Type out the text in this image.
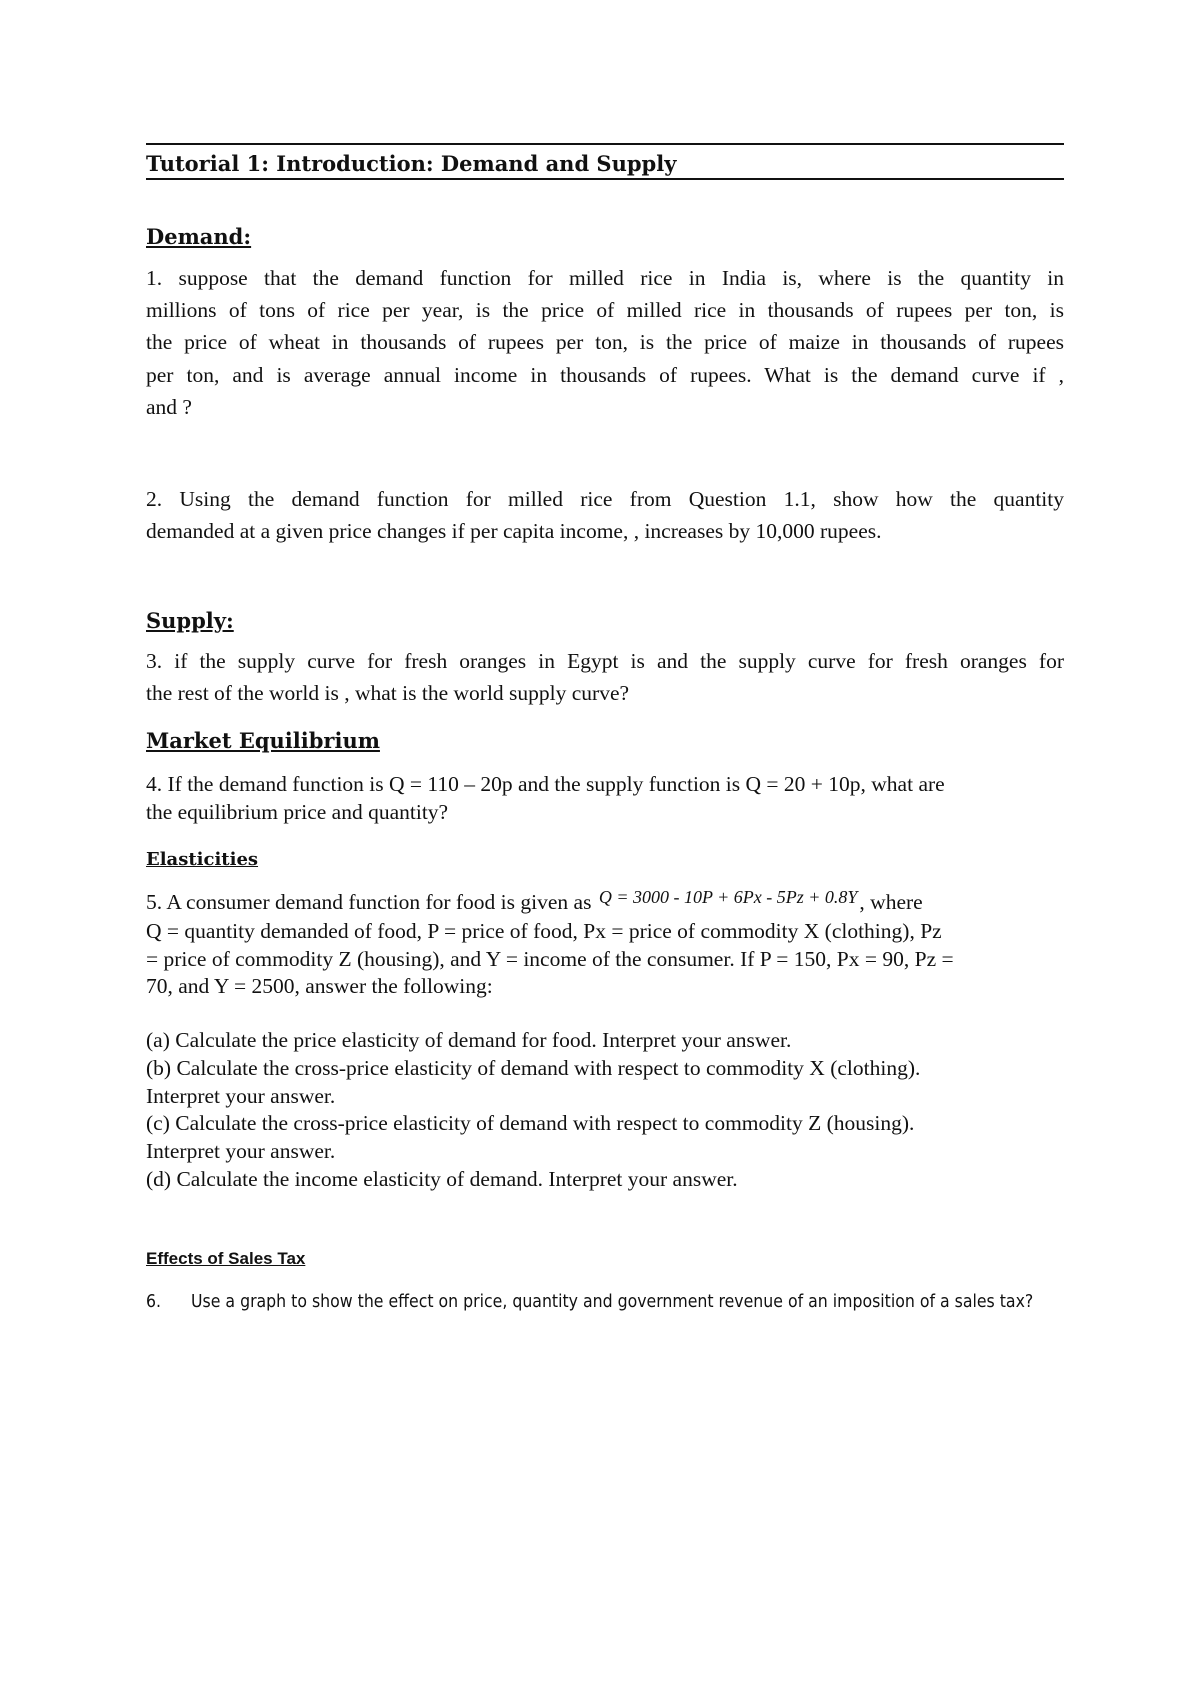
Tutorial 1: Introduction: Demand and Supply
Demand:
1. suppose that the demand function for milled rice in India is, where is the quantity in
millions of tons of rice per year, is the price of milled rice in thousands of rupees per ton, is
the price of wheat in thousands of rupees per ton, is the price of maize in thousands of rupees
per ton, and is average annual income in thousands of rupees. What is the demand curve if ,
and ?
2. Using the demand function for milled rice from Question 1.1, show how the quantity
demanded at a given price changes if per capita income, , increases by 10,000 rupees.
Supply:
3. if the supply curve for fresh oranges in Egypt is and the supply curve for fresh oranges for
the rest of the world is , what is the world supply curve?
Market Equilibrium
4. If the demand function is Q = 110 – 20p and the supply function is Q = 20 + 10p, what are
the equilibrium price and quantity?
Elasticities
5. A consumer demand function for food is given as $^{Q = 3000 - 10P + 6Px - 5Pz + 0.8Y}$, where
Q = quantity demanded of food, P = price of food, Px = price of commodity X (clothing), Pz
= price of commodity Z (housing), and Y = income of the consumer. If P = 150, Px = 90, Pz =
70, and Y = 2500, answer the following:
(a) Calculate the price elasticity of demand for food. Interpret your answer.
(b) Calculate the cross-price elasticity of demand with respect to commodity X (clothing).
Interpret your answer.
(c) Calculate the cross-price elasticity of demand with respect to commodity Z (housing).
Interpret your answer.
(d) Calculate the income elasticity of demand. Interpret your answer.
Effects of Sales Tax
6. Use a graph to show the effect on price, quantity and government revenue of an imposition of a sales tax?
